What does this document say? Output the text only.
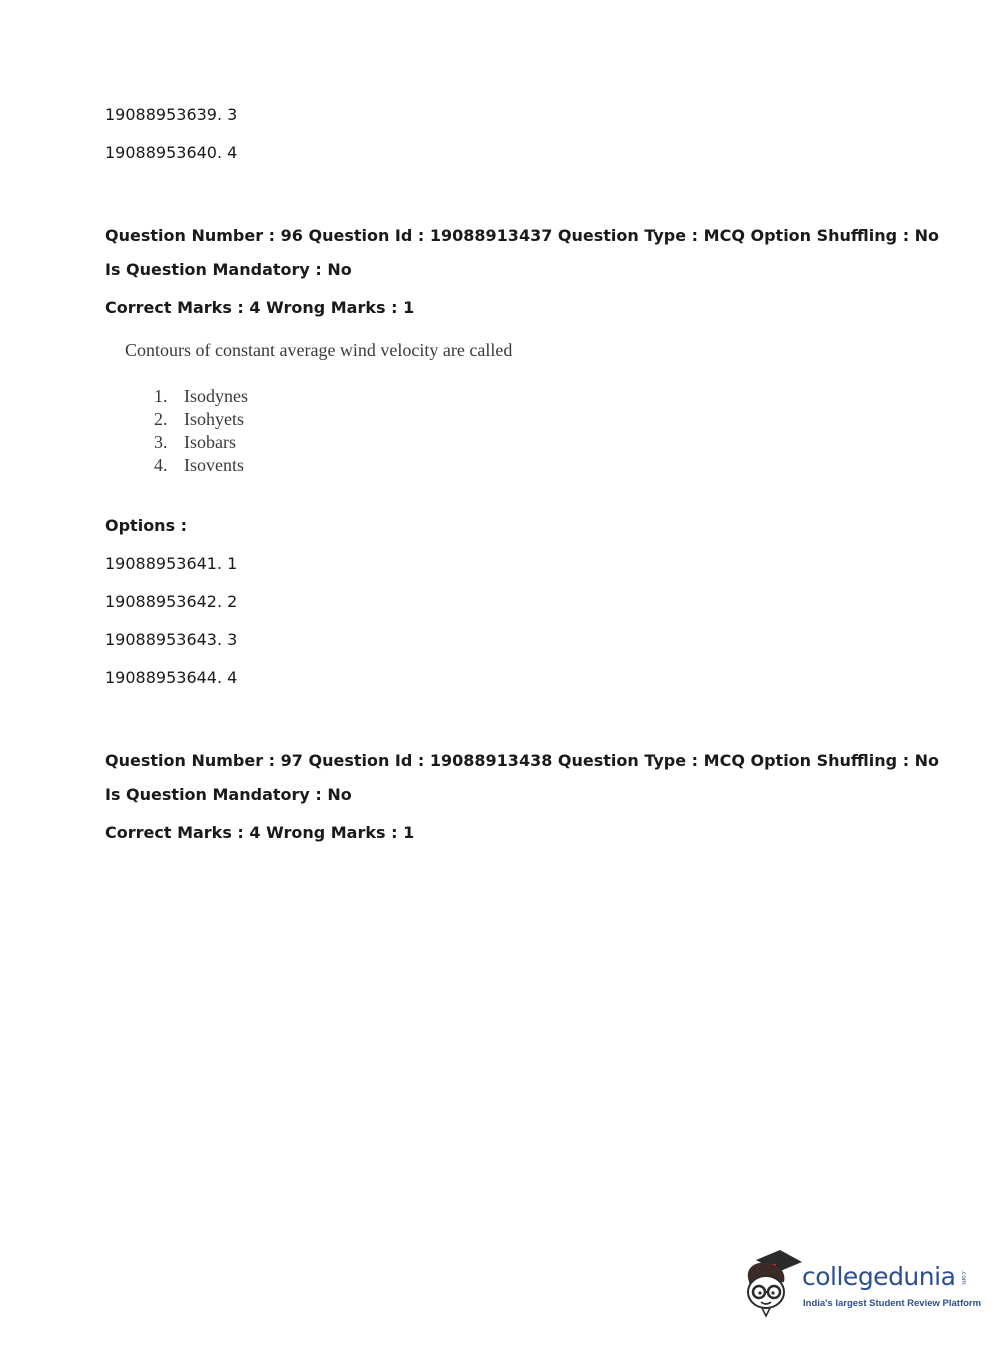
19088953639. 3
19088953640. 4
Question Number : 96 Question Id : 19088913437 Question Type : MCQ Option Shuffling : No
Is Question Mandatory : No
Correct Marks : 4 Wrong Marks : 1
Contours of constant average wind velocity are called
1. Isodynes
2. Isohyets
3. Isobars
4. Isovents
Options :
19088953641. 1
19088953642. 2
19088953643. 3
19088953644. 4
Question Number : 97 Question Id : 19088913438 Question Type : MCQ Option Shuffling : No
Is Question Mandatory : No
Correct Marks : 4 Wrong Marks : 1
collegedunia .com
India's largest Student Review Platform
